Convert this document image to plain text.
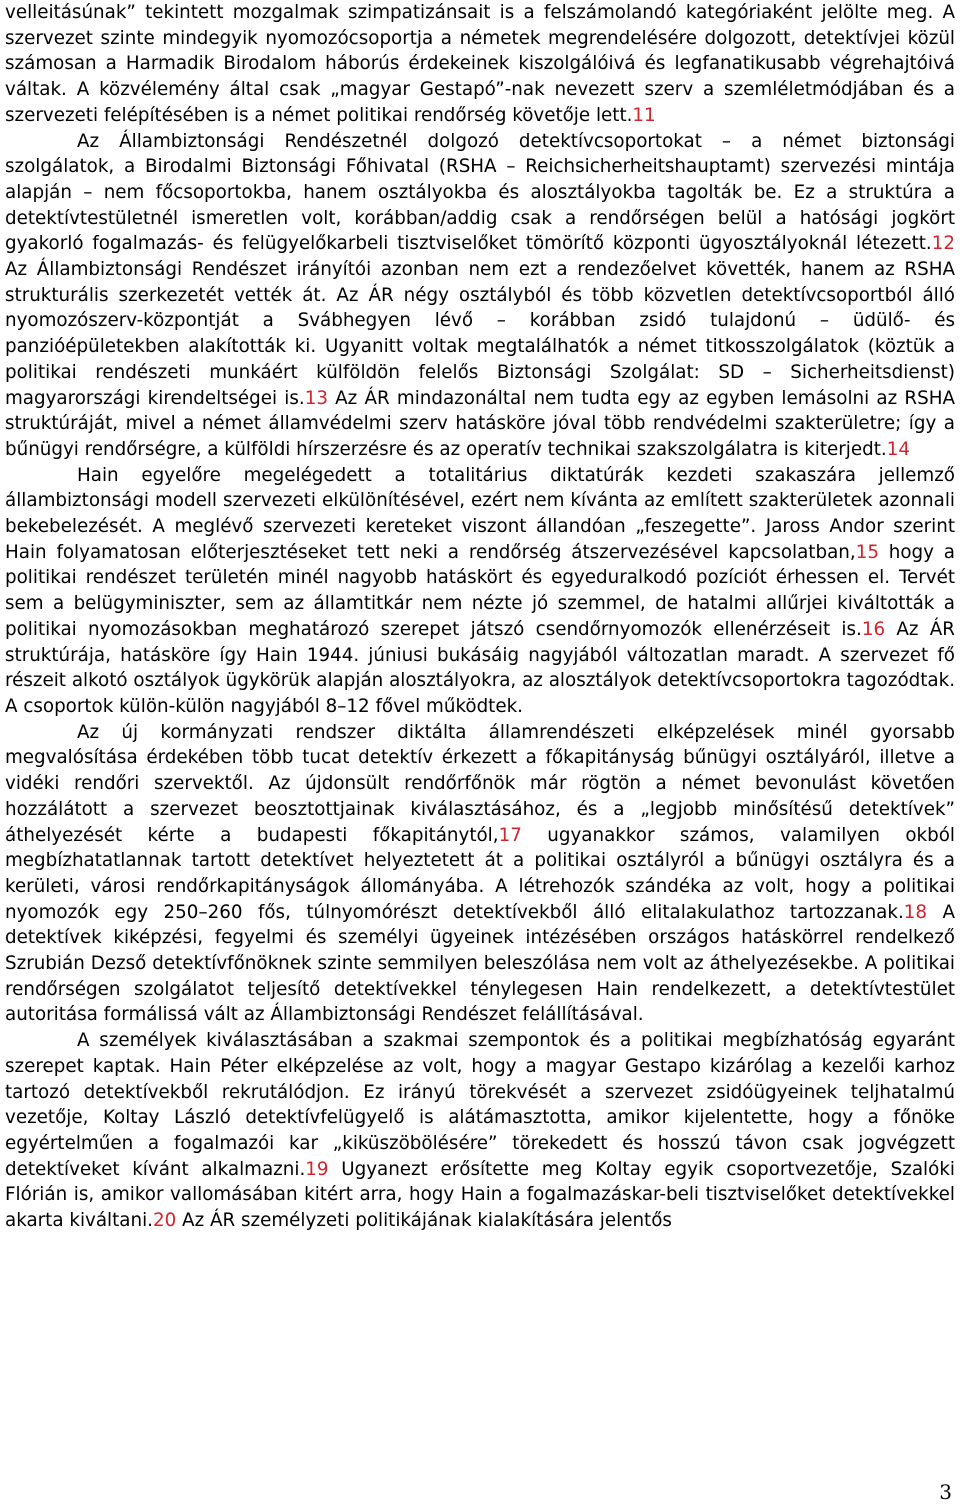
velleitásúnak” tekintett mozgalmak szimpatizánsait is a felszámolandó kategóriaként jelölte meg. A szervezet szinte mindegyik nyomozócsoportja a németek megrendelésére dolgozott, detektívjei közül számosan a Harmadik Birodalom háborús érdekeinek kiszolgálóivá és legfanatikusabb végrehajtóivá váltak. A közvélemény által csak „magyar Gestapó”-nak nevezett szerv a szemléletmódjában és a szervezeti felépítésében is a német politikai rendőrség követője lett.11

Az Állambiztonsági Rendészetnél dolgozó detektívcsoportokat – a német biztonsági szolgálatok, a Birodalmi Biztonsági Főhivatal (RSHA – Reichsicherheitshauptamt) szervezési mintája alapján – nem főcsoportokba, hanem osztályokba és alosztályokba tagolták be. Ez a struktúra a detektívtestületnél ismeretlen volt, korábban/addig csak a rendőrségen belül a hatósági jogkört gyakorló fogalmazás- és felügyelőkarbeli tisztviselőket tömörítő központi ügyosztályoknál létezett.12 Az Állambiztonsági Rendészet irányítói azonban nem ezt a rendezőelvet követték, hanem az RSHA strukturális szerkezetét vették át. Az ÁR négy osztályból és több közvetlen detektívcsoportból álló nyomozószerv-központját a Svábhegyen lévő – korábban zsidó tulajdonú – üdülő- és panzióépületekben alakították ki. Ugyanitt voltak megtalálhatók a német titkosszolgálatok (köztük a politikai rendészeti munkáért külföldön felelős Biztonsági Szolgálat: SD – Sicherheitsdienst) magyarországi kirendeltségei is.13 Az ÁR mindazonáltal nem tudta egy az egyben lemásolni az RSHA struktúráját, mivel a német államvédelmi szerv hatásköre jóval több rendvédelmi szakterületre; így a bűnügyi rendőrségre, a külföldi hírszerzésre és az operatív technikai szakszolgálatra is kiterjedt.14

Hain egyelőre megelégedett a totalitárius diktatúrák kezdeti szakaszára jellemző állambiztonsági modell szervezeti elkülönítésével, ezért nem kívánta az említett szakterületek azonnali bekebelezését. A meglévő szervezeti kereteket viszont állandóan „feszegette”. Jaross Andor szerint Hain folyamatosan előterjesztéseket tett neki a rendőrség átszervezésével kapcsolatban,15 hogy a politikai rendészet területén minél nagyobb hatáskört és egyeduralkodó pozíciót érhessen el. Tervét sem a belügyminiszter, sem az államtitkár nem nézte jó szemmel, de hatalmi allűrjei kiváltották a politikai nyomozásokban meghatározó szerepet játszó csendőrnyomozók ellenérzéseit is.16 Az ÁR struktúrája, hatásköre így Hain 1944. júniusi bukásáig nagyjából változatlan maradt. A szervezet fő részeit alkotó osztályok ügykörük alapján alosztályokra, az alosztályok detektívcsoportokra tagozódtak. A csoportok külön-külön nagyjából 8–12 fővel működtek.

Az új kormányzati rendszer diktálta államrendészeti elképzelések minél gyorsabb megvalósítása érdekében több tucat detektív érkezett a főkapitányság bűnügyi osztályáról, illetve a vidéki rendőri szervektől. Az újdonsült rendőrfőnök már rögtön a német bevonulást követően hozzálátott a szervezet beosztottjainak kiválasztásához, és a „legjobb minősítésű detektívek” áthelyezését kérte a budapesti főkapitánytól,17 ugyanakkor számos, valamilyen okból megbízhatatlannak tartott detektívet helyeztetett át a politikai osztályról a bűnügyi osztályra és a kerületi, városi rendőrkapitányságok állományába. A létrehozók szándéka az volt, hogy a politikai nyomozók egy 250–260 fős, túlnyomórészt detektívekből álló elitalakulathoz tartozzanak.18 A detektívek kiképzési, fegyelmi és személyi ügyeinek intézésében országos hatáskörrel rendelkező Szrubián Dezső detektívfőnöknek szinte semmilyen beleszólása nem volt az áthelyezésekbe. A politikai rendőrségen szolgálatot teljesítő detektívekkel ténylegesen Hain rendelkezett, a detektívtestület autoritása formálissá vált az Állambiztonsági Rendészet felállításával.

A személyek kiválasztásában a szakmai szempontok és a politikai megbízhatóság egyaránt szerepet kaptak. Hain Péter elképzelése az volt, hogy a magyar Gestapo kizárólag a kezelői karhoz tartozó detektívekből rekrutálódjon. Ez irányú törekvését a szervezet zsidóügyeinek teljhatalmú vezetője, Koltay László detektívfelügyelő is alátámasztotta, amikor kijelentette, hogy a főnöke egyértelműen a fogalmazói kar „kiküszöbölésére” törekedett és hosszú távon csak jogvégzett detektíveket kívánt alkalmazni.19 Ugyanezt erősítette meg Koltay egyik csoportvezetője, Szalóki Flórián is, amikor vallomásában kitért arra, hogy Hain a fogalmazáskar-beli tisztviselőket detektívekkel akarta kiváltani.20 Az ÁR személyzeti politikájának kialakítására jelentős

3
